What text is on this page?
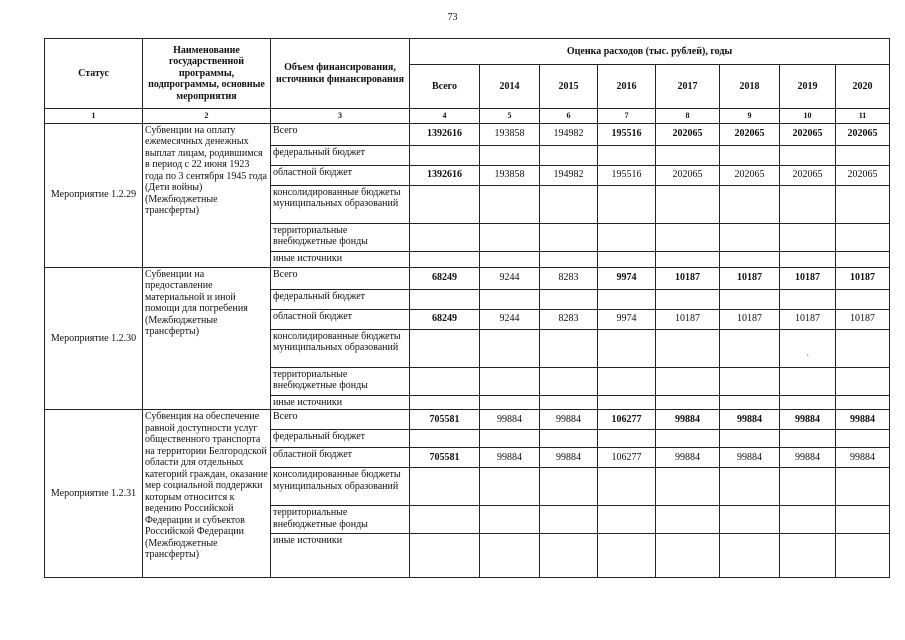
73
Статус	Наименование государственной программы, подпрограммы, основные мероприятия	Объем финансирования, источники финансирования	Оценка расходов (тыс. рублей), годы							
			Всего	2014	2015	2016	2017	2018	2019	2020
1	2	3	4	5	6	7	8	9	10	11
Мероприятие 1.2.29	Субвенции на оплату ежемесячных денежных выплат лицам, родившимся в период с 22 июня 1923 года по 3 сентября 1945 года (Дети войны) (Межбюджетные трансферты)	Всего	1392616	193858	194982	195516	202065	202065	202065	202065
		федеральный бюджет								
		областной бюджет	1392616	193858	194982	195516	202065	202065	202065	202065
		консолидированные бюджеты муниципальных образований								
		территориальные внебюджетные фонды								
		иные источники								
Мероприятие 1.2.30	Субвенции на предоставление материальной и иной помощи для погребения (Межбюджетные трансферты)	Всего	68249	9244	8283	9974	10187	10187	10187	10187
		федеральный бюджет								
		областной бюджет	68249	9244	8283	9974	10187	10187	10187	10187
		консолидированные бюджеты муниципальных образований								
		территориальные внебюджетные фонды								
		иные источники								
Мероприятие 1.2.31	Субвенция на обеспечение равной доступности услуг общественного транспорта на территории Белгородской области для отдельных категорий граждан, оказание мер социальной поддержки которым относится к ведению Российской Федерации и субъектов Российской Федерации (Межбюджетные трансферты)	Всего	705581	99884	99884	106277	99884	99884	99884	99884
		федеральный бюджет								
		областной бюджет	705581	99884	99884	106277	99884	99884	99884	99884
		консолидированные бюджеты муниципальных образований								
		территориальные внебюджетные фонды								
		иные источники								
`
